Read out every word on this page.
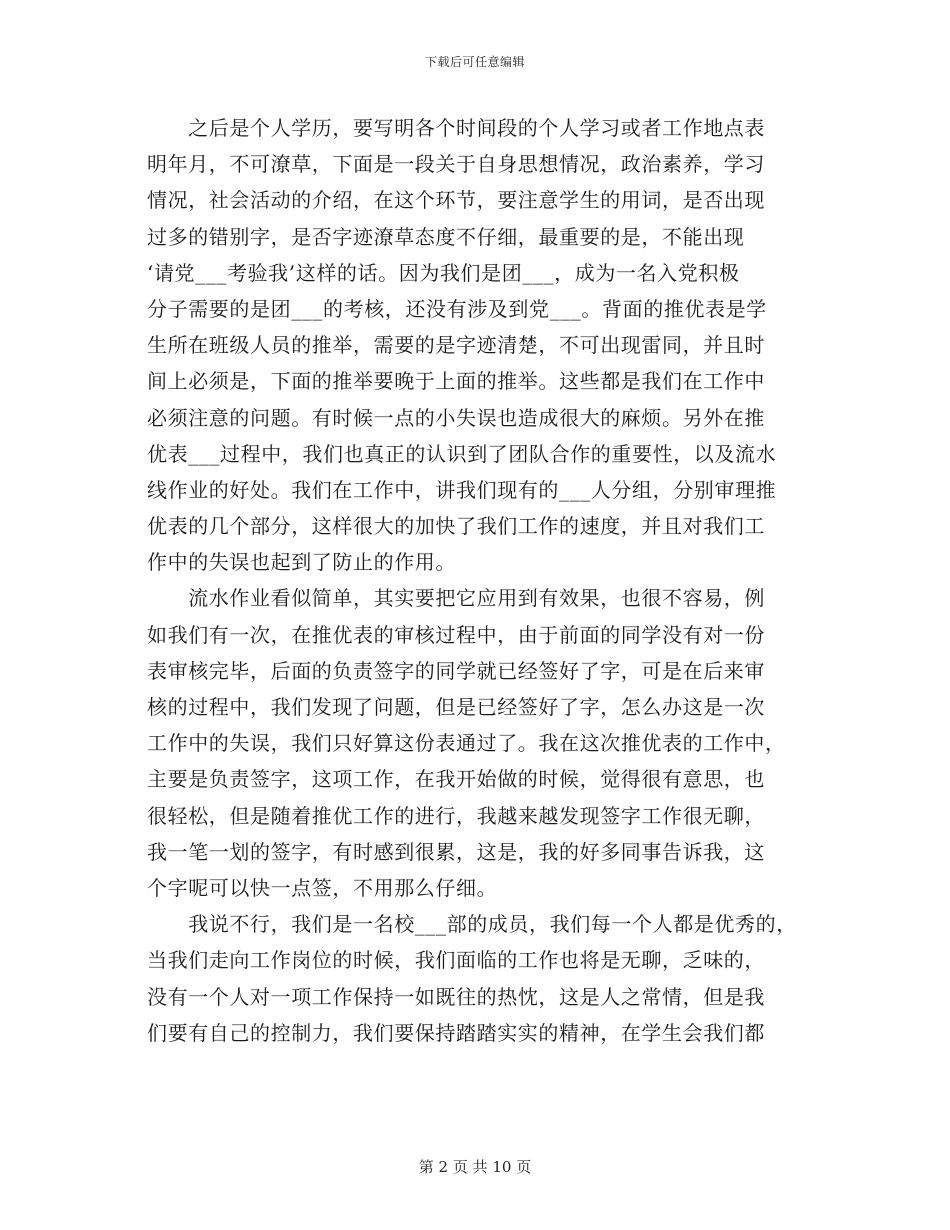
下载后可任意编辑
　　之后是个人学历，要写明各个时间段的个人学习或者工作地点表
明年月，不可潦草，下面是一段关于自身思想情况，政治素养，学习
情况，社会活动的介绍，在这个环节，要注意学生的用词，是否出现
过多的错别字，是否字迹潦草态度不仔细，最重要的是，不能出现
‘请党___考验我’这样的话。因为我们是团___，成为一名入党积极
分子需要的是团___的考核，还没有涉及到党___。背面的推优表是学
生所在班级人员的推举，需要的是字迹清楚，不可出现雷同，并且时
间上必须是，下面的推举要晚于上面的推举。这些都是我们在工作中
必须注意的问题。有时候一点的小失误也造成很大的麻烦。另外在推
优表___过程中，我们也真正的认识到了团队合作的重要性，以及流水
线作业的好处。我们在工作中，讲我们现有的___人分组，分别审理推
优表的几个部分，这样很大的加快了我们工作的速度，并且对我们工
作中的失误也起到了防止的作用。
　　流水作业看似简单，其实要把它应用到有效果，也很不容易，例
如我们有一次，在推优表的审核过程中，由于前面的同学没有对一份
表审核完毕，后面的负责签字的同学就已经签好了字，可是在后来审
核的过程中，我们发现了问题，但是已经签好了字，怎么办这是一次
工作中的失误，我们只好算这份表通过了。我在这次推优表的工作中，
主要是负责签字，这项工作，在我开始做的时候，觉得很有意思，也
很轻松，但是随着推优工作的进行，我越来越发现签字工作很无聊，
我一笔一划的签字，有时感到很累，这是，我的好多同事告诉我，这
个字呢可以快一点签，不用那么仔细。
　　我说不行，我们是一名校___部的成员，我们每一个人都是优秀的，
当我们走向工作岗位的时候，我们面临的工作也将是无聊，乏味的，
没有一个人对一项工作保持一如既往的热忱，这是人之常情，但是我
们要有自己的控制力，我们要保持踏踏实实的精神，在学生会我们都
第 2 页 共 10 页
